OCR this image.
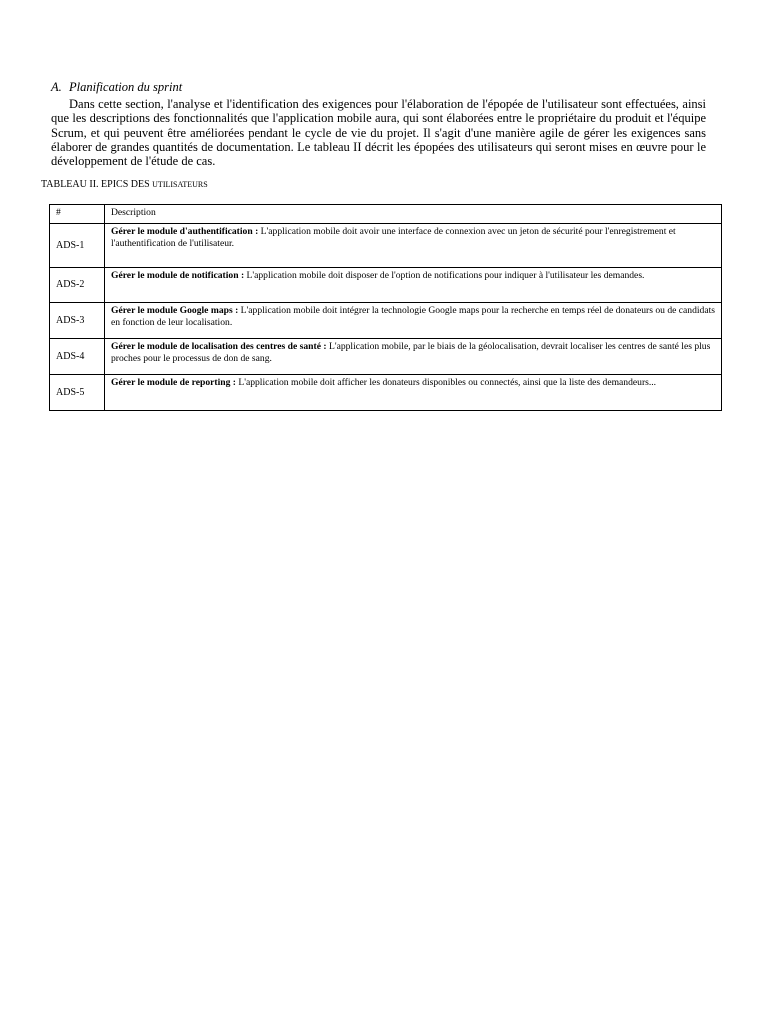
A. Planification du sprint

Dans cette section, l'analyse et l'identification des exigences pour l'élaboration de l'épopée de l'utilisateur sont effectuées, ainsi que les descriptions des fonctionnalités que l'application mobile aura, qui sont élaborées entre le propriétaire du produit et l'équipe Scrum, et qui peuvent être améliorées pendant le cycle de vie du projet. Il s'agit d'une manière agile de gérer les exigences sans élaborer de grandes quantités de documentation. Le tableau II décrit les épopées des utilisateurs qui seront mises en œuvre pour le développement de l'étude de cas.

TABLEAU II. EPICS DES UTILISATEURS
#	Description
ADS-1	Gérer le module d'authentification : L'application mobile doit avoir une interface de connexion avec un jeton de sécurité pour l'enregistrement et l'authentification de l'utilisateur.
ADS-2	Gérer le module de notification : L'application mobile doit disposer de l'option de notifications pour indiquer à l'utilisateur les demandes.
ADS-3	Gérer le module Google maps : L'application mobile doit intégrer la technologie Google maps pour la recherche en temps réel de donateurs ou de candidats en fonction de leur localisation.
ADS-4	Gérer le module de localisation des centres de santé : L'application mobile, par le biais de la géolocalisation, devrait localiser les centres de santé les plus proches pour le processus de don de sang.
ADS-5	Gérer le module de reporting : L'application mobile doit afficher les donateurs disponibles ou connectés, ainsi que la liste des demandeurs...
